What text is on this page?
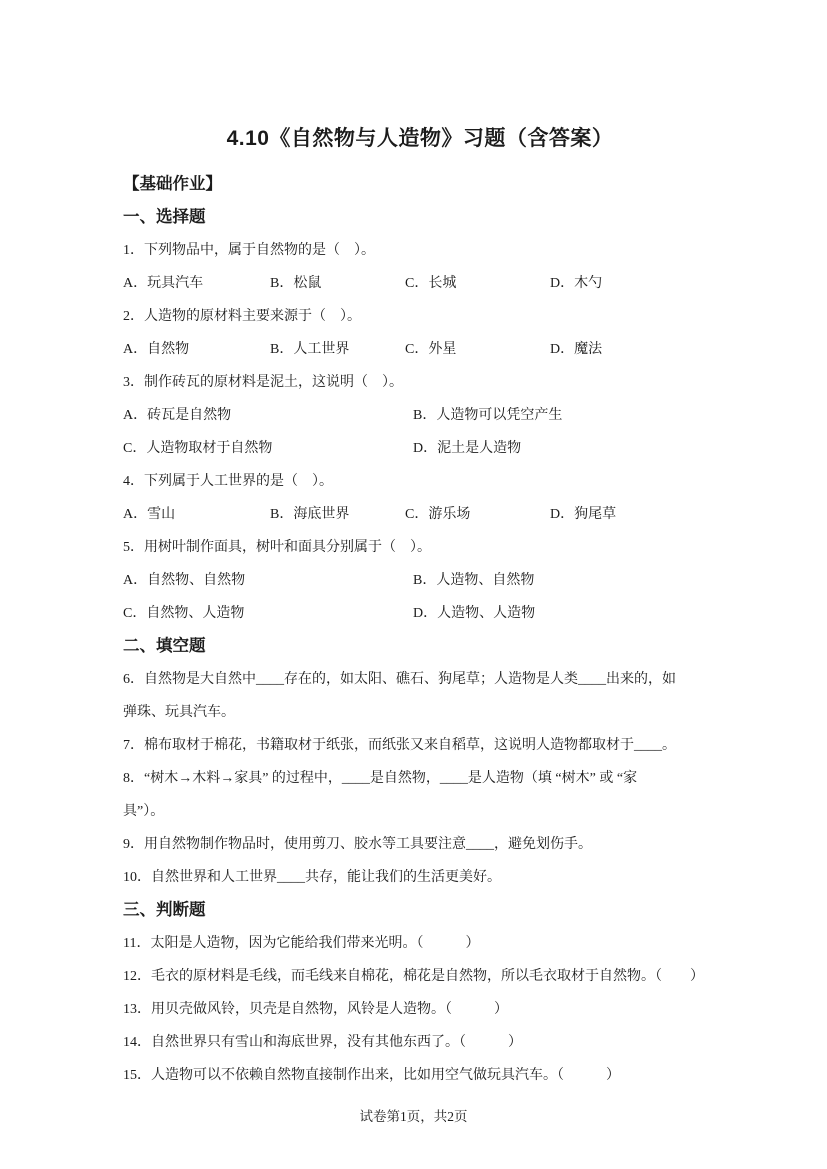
4.10《自然物与人造物》习题（含答案）
【基础作业】
一、选择题
1．下列物品中，属于自然物的是（　）。
A．玩具汽车	B．松鼠	C．长城	D．木勺
2．人造物的原材料主要来源于（　）。
A．自然物	B．人工世界	C．外星	D．魔法
3．制作砖瓦的原材料是泥土，这说明（　）。
A．砖瓦是自然物	B．人造物可以凭空产生
C．人造物取材于自然物	D．泥土是人造物
4．下列属于人工世界的是（　）。
A．雪山	B．海底世界	C．游乐场	D．狗尾草
5．用树叶制作面具，树叶和面具分别属于（　）。
A．自然物、自然物	B．人造物、自然物
C．自然物、人造物	D．人造物、人造物
二、填空题
6．自然物是大自然中____存在的，如太阳、礁石、狗尾草；人造物是人类____出来的，如
弹珠、玩具汽车。
7．棉布取材于棉花，书籍取材于纸张，而纸张又来自稻草，这说明人造物都取材于____。
8．“树木→木料→家具” 的过程中，____是自然物，____是人造物（填 “树木” 或 “家
具”）。
9．用自然物制作物品时，使用剪刀、胶水等工具要注意____，避免划伤手。
10．自然世界和人工世界____共存，能让我们的生活更美好。
三、判断题
11．太阳是人造物，因为它能给我们带来光明。（　　　）
12．毛衣的原材料是毛线，而毛线来自棉花，棉花是自然物，所以毛衣取材于自然物。（　　）
13．用贝壳做风铃，贝壳是自然物，风铃是人造物。（　　　）
14．自然世界只有雪山和海底世界，没有其他东西了。（　　　）
15．人造物可以不依赖自然物直接制作出来，比如用空气做玩具汽车。（　　　）
试卷第1页，共2页
